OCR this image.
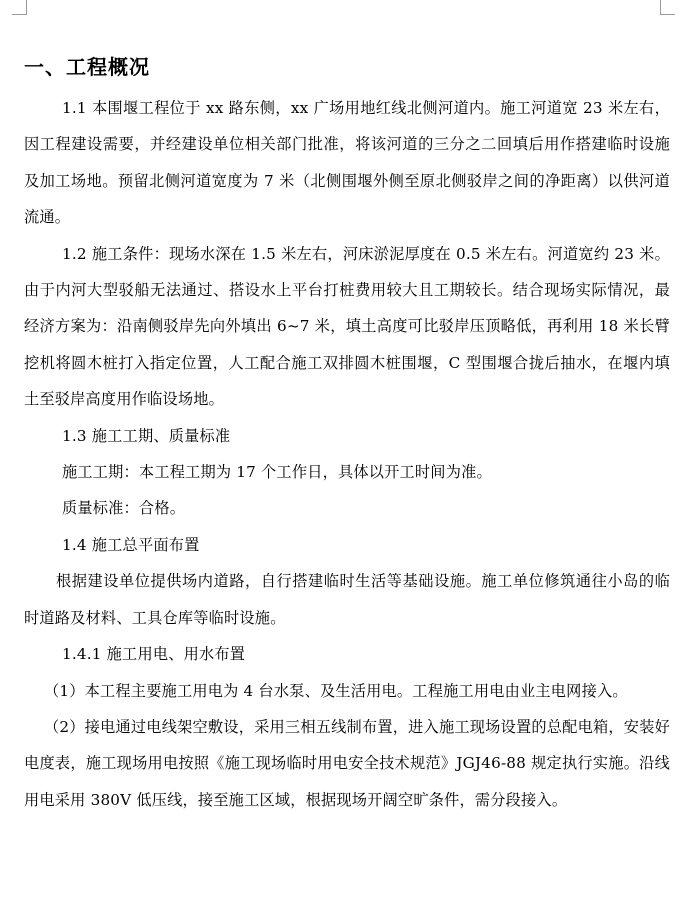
一、工程概况

1.1 本围堰工程位于 xx 路东侧，xx 广场用地红线北侧河道内。施工河道宽 23 米左右，因工程建设需要，并经建设单位相关部门批准，将该河道的三分之二回填后用作搭建临时设施及加工场地。预留北侧河道宽度为 7 米（北侧围堰外侧至原北侧驳岸之间的净距离）以供河道流通。

1.2 施工条件：现场水深在 1.5 米左右，河床淤泥厚度在 0.5 米左右。河道宽约 23 米。由于内河大型驳船无法通过、搭设水上平台打桩费用较大且工期较长。结合现场实际情况，最经济方案为：沿南侧驳岸先向外填出 6~7 米，填土高度可比驳岸压顶略低，再利用 18 米长臂挖机将圆木桩打入指定位置，人工配合施工双排圆木桩围堰，C 型围堰合拢后抽水，在堰内填土至驳岸高度用作临设场地。

1.3 施工工期、质量标准

施工工期：本工程工期为 17 个工作日，具体以开工时间为准。

质量标准：合格。

1.4 施工总平面布置

根据建设单位提供场内道路，自行搭建临时生活等基础设施。施工单位修筑通往小岛的临时道路及材料、工具仓库等临时设施。

1.4.1 施工用电、用水布置

（1）本工程主要施工用电为 4 台水泵、及生活用电。工程施工用电由业主电网接入。

（2）接电通过电线架空敷设，采用三相五线制布置，进入施工现场设置的总配电箱，安装好电度表，施工现场用电按照《施工现场临时用电安全技术规范》JGJ46-88 规定执行实施。沿线用电采用 380V 低压线，接至施工区域，根据现场开阔空旷条件，需分段接入。
